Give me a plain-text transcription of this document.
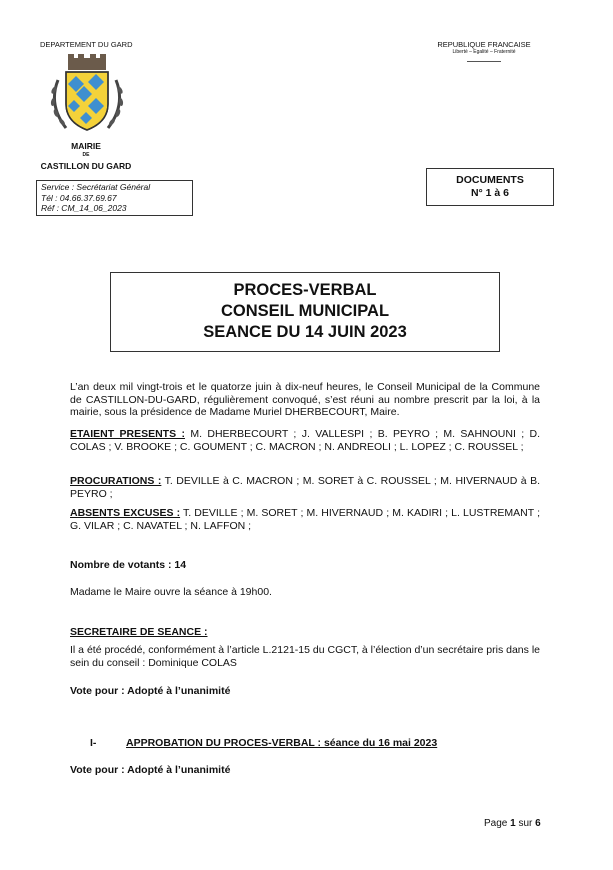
DEPARTEMENT DU GARD
MAIRIE
DE
CASTILLON DU GARD
Service : Secrétariat Général
Tél : 04.66.37.69.67
Réf : CM_14_06_2023
REPUBLIQUE FRANCAISE
Liberté – Egalité – Fraternité
DOCUMENTS
N° 1 à 6
PROCES-VERBAL
CONSEIL MUNICIPAL
SEANCE DU 14 JUIN 2023
L’an deux mil vingt-trois et le quatorze juin à dix-neuf heures, le Conseil Municipal de la Commune de CASTILLON-DU-GARD, régulièrement convoqué, s’est réuni au nombre prescrit par la loi, à la mairie, sous la présidence de Madame Muriel DHERBECOURT, Maire.
ETAIENT PRESENTS : M. DHERBECOURT ; J. VALLESPI ; B. PEYRO ; M. SAHNOUNI ; D. COLAS ; V. BROOKE ; C. GOUMENT ; C. MACRON ; N. ANDREOLI ; L. LOPEZ ; C. ROUSSEL ;
PROCURATIONS : T. DEVILLE à C. MACRON ; M. SORET à C. ROUSSEL ; M. HIVERNAUD à B. PEYRO ;
ABSENTS EXCUSES : T. DEVILLE ; M. SORET ; M. HIVERNAUD ; M. KADIRI ; L. LUSTREMANT ; G. VILAR ; C. NAVATEL ; N. LAFFON ;
Nombre de votants : 14
Madame le Maire ouvre la séance à 19h00.
SECRETAIRE DE SEANCE :
Il a été procédé, conformément à l’article L.2121-15 du CGCT, à l’élection d’un secrétaire pris dans le sein du conseil : Dominique COLAS
Vote pour : Adopté à l’unanimité
I-	APPROBATION DU PROCES-VERBAL : séance du 16 mai 2023
Vote pour : Adopté à l’unanimité
Page 1 sur 6
